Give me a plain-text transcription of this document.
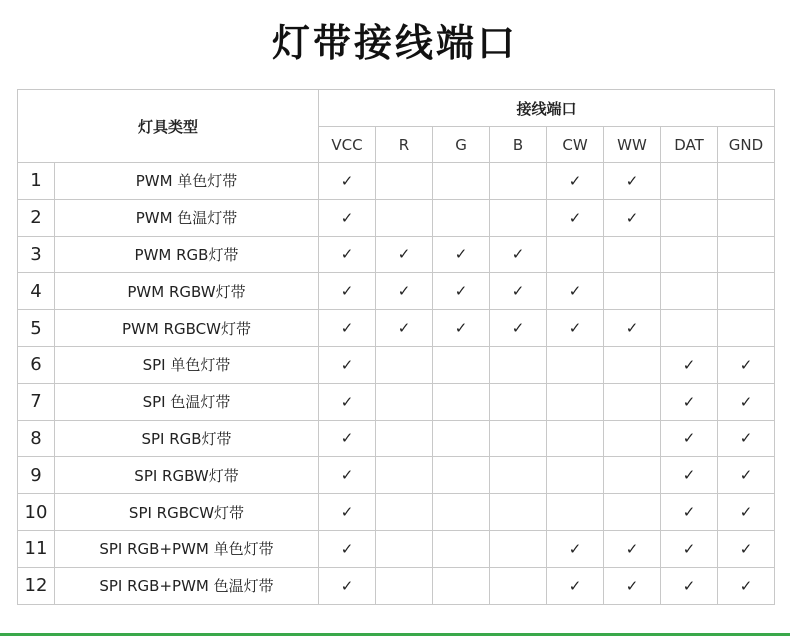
灯带接线端口
灯具类型		接线端口							
		VCC	R	G	B	CW	WW	DAT	GND
1	PWM 单色灯带	✓				✓	✓		
2	PWM 色温灯带	✓				✓	✓		
3	PWM RGB灯带	✓	✓	✓	✓				
4	PWM RGBW灯带	✓	✓	✓	✓	✓			
5	PWM RGBCW灯带	✓	✓	✓	✓	✓	✓		
6	SPI 单色灯带	✓						✓	✓
7	SPI 色温灯带	✓						✓	✓
8	SPI RGB灯带	✓						✓	✓
9	SPI RGBW灯带	✓						✓	✓
10	SPI RGBCW灯带	✓						✓	✓
11	SPI RGB+PWM 单色灯带	✓				✓	✓	✓	✓
12	SPI RGB+PWM 色温灯带	✓				✓	✓	✓	✓
